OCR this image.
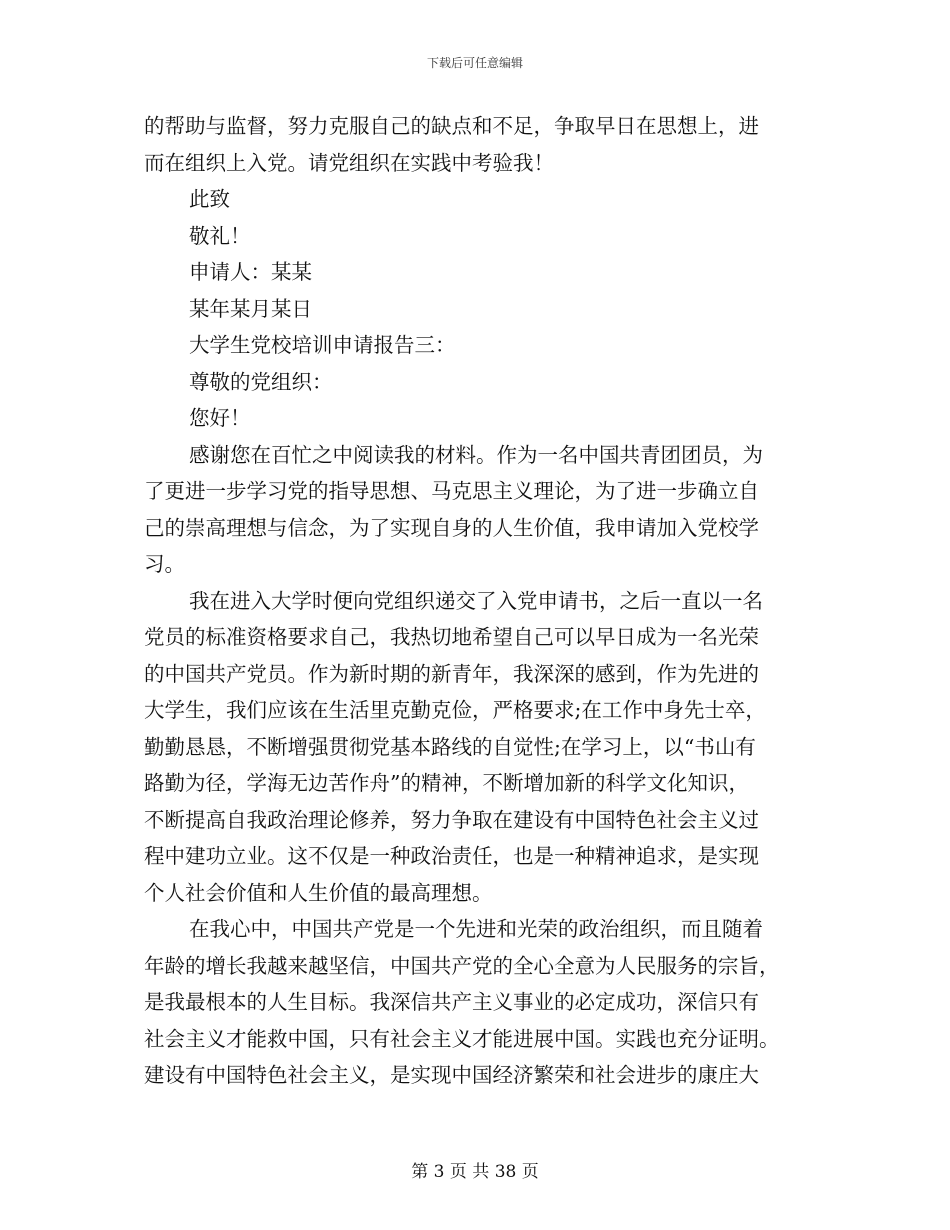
下载后可任意编辑
的帮助与监督，努力克服自己的缺点和不足，争取早日在思想上，进
而在组织上入党。请党组织在实践中考验我！
此致
敬礼！
申请人：某某
某年某月某日
大学生党校培训申请报告三：
尊敬的党组织：
您好！
感谢您在百忙之中阅读我的材料。作为一名中国共青团团员，为
了更进一步学习党的指导思想、马克思主义理论，为了进一步确立自
己的崇高理想与信念，为了实现自身的人生价值，我申请加入党校学
习。
我在进入大学时便向党组织递交了入党申请书，之后一直以一名
党员的标准资格要求自己，我热切地希望自己可以早日成为一名光荣
的中国共产党员。作为新时期的新青年，我深深的感到，作为先进的
大学生，我们应该在生活里克勤克俭，严格要求;在工作中身先士卒，
勤勤恳恳，不断增强贯彻党基本路线的自觉性;在学习上，以“书山有
路勤为径，学海无边苦作舟”的精神，不断增加新的科学文化知识，
不断提高自我政治理论修养，努力争取在建设有中国特色社会主义过
程中建功立业。这不仅是一种政治责任，也是一种精神追求，是实现
个人社会价值和人生价值的最高理想。
在我心中，中国共产党是一个先进和光荣的政治组织，而且随着
年龄的增长我越来越坚信，中国共产党的全心全意为人民服务的宗旨，
是我最根本的人生目标。我深信共产主义事业的必定成功，深信只有
社会主义才能救中国，只有社会主义才能进展中国。实践也充分证明。
建设有中国特色社会主义，是实现中国经济繁荣和社会进步的康庄大
第 3 页 共 38 页
